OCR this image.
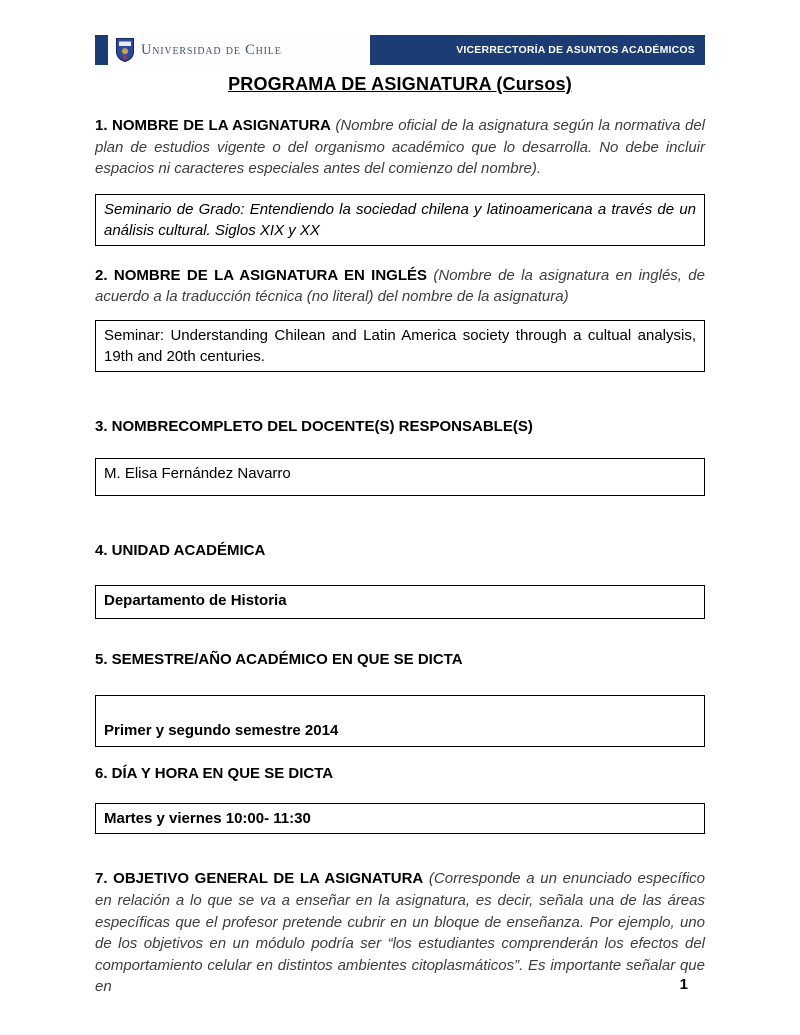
Universidad de Chile	VICERRECTORÍA DE ASUNTOS ACADÉMICOS
PROGRAMA DE ASIGNATURA (Cursos)

1. NOMBRE DE LA ASIGNATURA (Nombre oficial de la asignatura según la normativa del plan de estudios vigente o del organismo académico que lo desarrolla. No debe incluir espacios ni caracteres especiales antes del comienzo del nombre).

Seminario de Grado: Entendiendo la sociedad chilena y latinoamericana a través de un análisis cultural. Siglos XIX y XX

2. NOMBRE DE LA ASIGNATURA EN INGLÉS (Nombre de la asignatura en inglés, de acuerdo a la traducción técnica (no literal) del nombre de la asignatura)

Seminar: Understanding Chilean and Latin America society through a cultual analysis, 19th and 20th centuries.

3. NOMBRECOMPLETO DEL DOCENTE(S) RESPONSABLE(S)

M. Elisa Fernández Navarro

4. UNIDAD ACADÉMICA

Departamento de Historia

5. SEMESTRE/AÑO ACADÉMICO EN QUE SE DICTA

Primer y segundo semestre 2014

6. DÍA Y HORA EN QUE SE DICTA

Martes y viernes 10:00- 11:30

7. OBJETIVO GENERAL DE LA ASIGNATURA (Corresponde a un enunciado específico en relación a lo que se va a enseñar en la asignatura, es decir, señala una de las áreas específicas que el profesor pretende cubrir en un bloque de enseñanza. Por ejemplo, uno de los objetivos en un módulo podría ser “los estudiantes comprenderán los efectos del comportamiento celular en distintos ambientes citoplasmáticos”. Es importante señalar que en	1
